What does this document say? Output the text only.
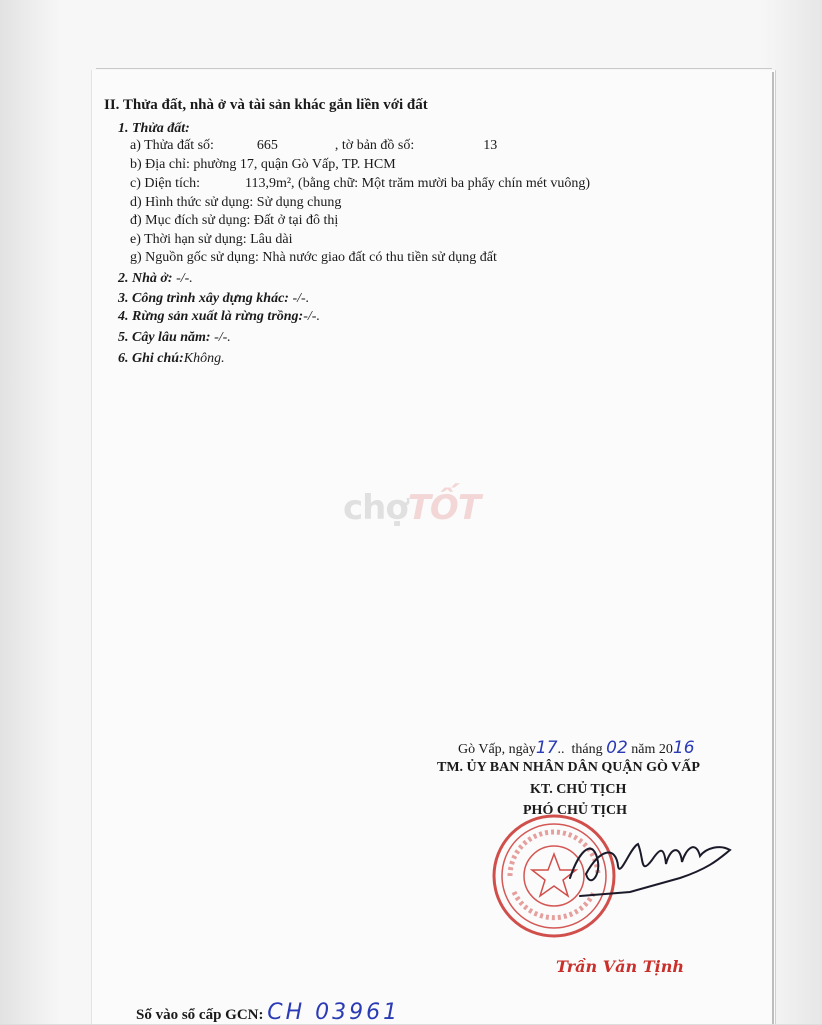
II. Thửa đất, nhà ở và tài sản khác gắn liền với đất
1. Thửa đất:
a) Thửa đất số:	665	, tờ bản đồ số:	13
b) Địa chỉ: phường 17, quận Gò Vấp, TP. HCM
c) Diện tích:	113,9m², (bằng chữ: Một trăm mười ba phẩy chín mét vuông)
d) Hình thức sử dụng: Sử dụng chung
đ) Mục đích sử dụng: Đất ở tại đô thị
e) Thời hạn sử dụng: Lâu dài
g) Nguồn gốc sử dụng: Nhà nước giao đất có thu tiền sử dụng đất
2. Nhà ở: -/-.
3. Công trình xây dựng khác: -/-.
4. Rừng sản xuất là rừng trồng:-/-.
5. Cây lâu năm: -/-.
6. Ghi chú:Không.
chợTỐT
Gò Vấp, ngày17..  tháng 02 năm 2016
TM. ỦY BAN NHÂN DÂN QUẬN GÒ VẤP
KT. CHỦ TỊCH
PHÓ CHỦ TỊCH
Trần Văn Tịnh
Số vào sổ cấp GCN: CH 03961
